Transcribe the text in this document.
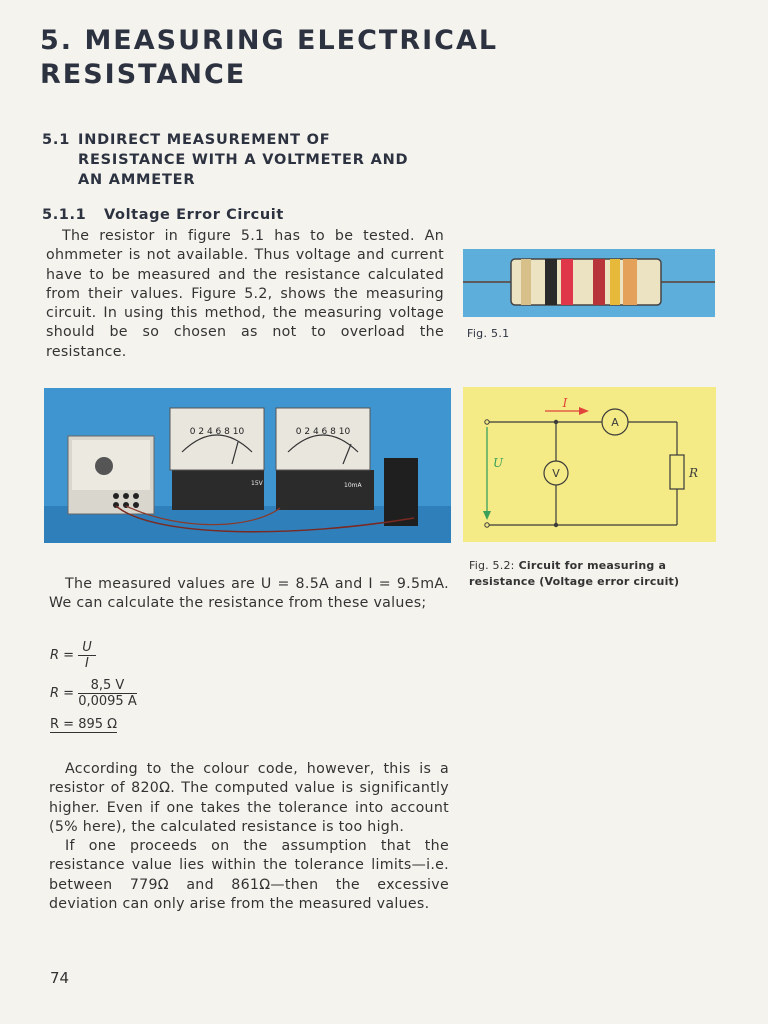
5. MEASURING ELECTRICAL
RESISTANCE
5.1 INDIRECT MEASUREMENT OF
RESISTANCE WITH A VOLTMETER AND
AN AMMETER
5.1.1 Voltage Error Circuit

The resistor in figure 5.1 has to be tested. An ohmmeter is not available. Thus voltage and current have to be measured and the resistance calculated from their values. Figure 5.2, shows the measuring circuit. In using this method, the measuring voltage should be so chosen as not to overload the resistance.

Fig. 5.1
0 2 4 6 8 10
15V
0 2 4 6 8 10
10mA
I
U
R
A
V
Fig. 5.2: Circuit for measuring a resistance (Voltage error circuit)

The measured values are U = 8.5A and I = 9.5mA. We can calculate the resistance from these values;

$R = \frac{U}{I}$
$R = \frac{8,5 V}{0,0095 A}$
R = 895 Ω

According to the colour code, however, this is a resistor of 820Ω. The computed value is significantly higher. Even if one takes the tolerance into account (5% here), the calculated resistance is too high.

If one proceeds on the assumption that the resistance value lies within the tolerance limits—i.e. between 779Ω and 861Ω—then the excessive deviation can only arise from the measured values.

74
